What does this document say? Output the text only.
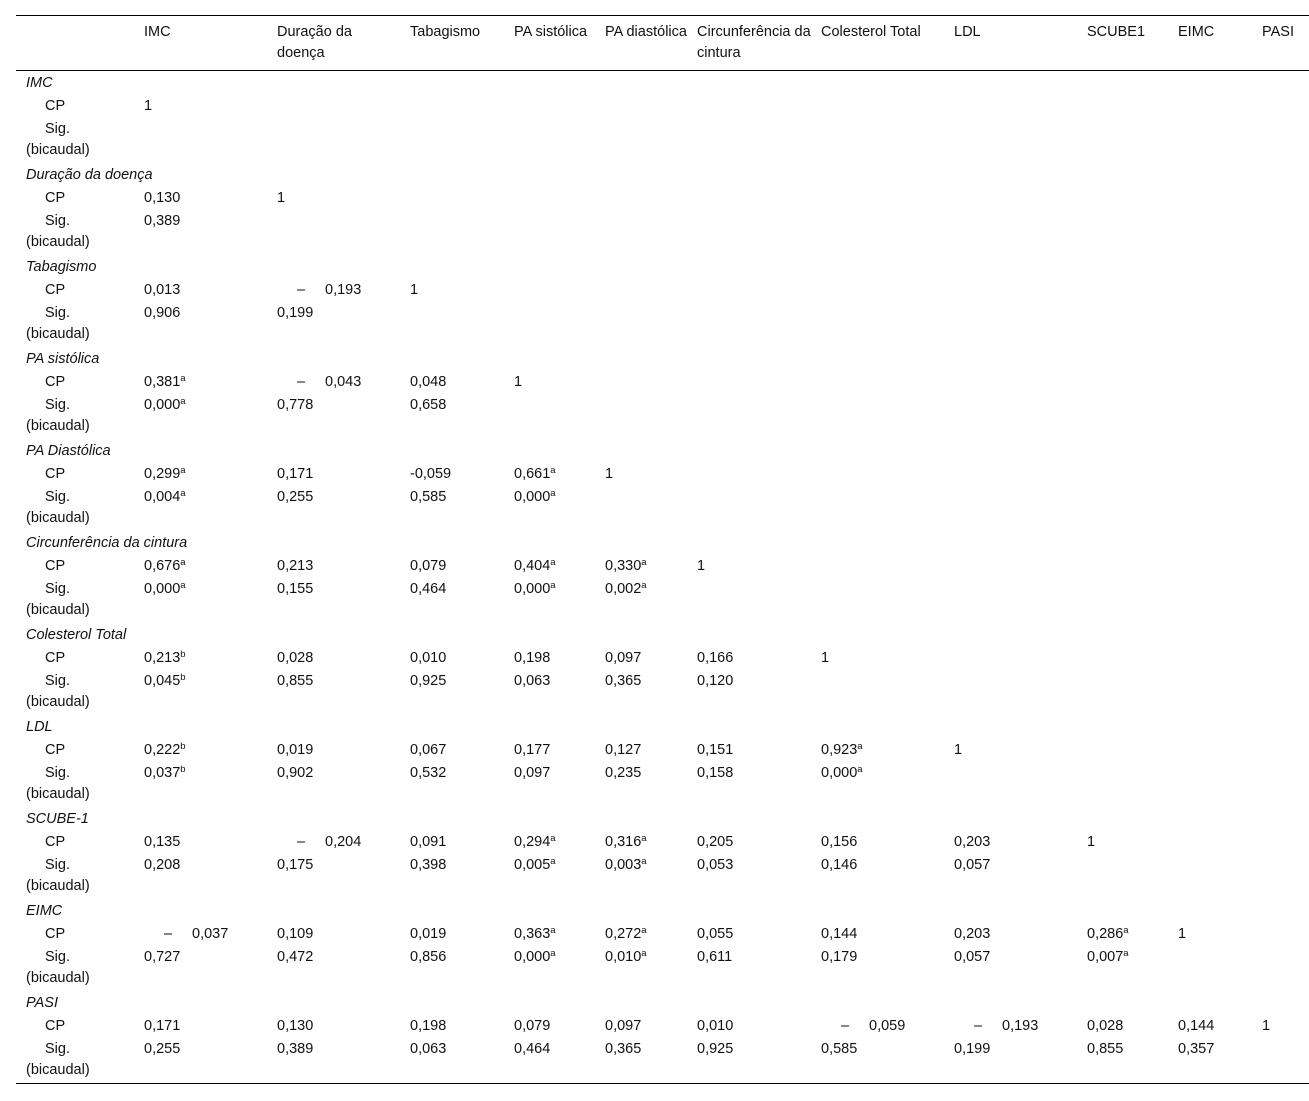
	IMC	Duração da doença	Tabagismo	PA sistólica	PA diastólica	Circunferência da cintura	Colesterol Total	LDL	SCUBE1	EIMC	PASI
IMC											
CP	1										

Sig.
(bicaudal)											

Duração da doença											
CP	0,130	1									

Sig.
(bicaudal)	0,389										
Tabagismo											
CP	0,013	– 0,193	1								

Sig.
(bicaudal)	0,906	0,199									
PA sistólica											
CP	0,381$^a$	– 0,043	0,048	1							

Sig.
(bicaudal)	0,000$^a$	0,778	0,658								
PA Diastólica											
CP	0,299$^a$	0,171	-0,059	0,661$^a$	1						

Sig.
(bicaudal)	0,004$^a$	0,255	0,585	0,000$^a$							
Circunferência da cintura											
CP	0,676$^a$	0,213	0,079	0,404$^a$	0,330$^a$	1					

Sig.
(bicaudal)	0,000$^a$	0,155	0,464	0,000$^a$	0,002$^a$						
Colesterol Total											
CP	0,213$^b$	0,028	0,010	0,198	0,097	0,166	1				

Sig.
(bicaudal)	0,045$^b$	0,855	0,925	0,063	0,365	0,120					
LDL											
CP	0,222$^b$	0,019	0,067	0,177	0,127	0,151	0,923$^a$	1			

Sig.
(bicaudal)	0,037$^b$	0,902	0,532	0,097	0,235	0,158	0,000$^a$				
SCUBE-1											
CP	0,135	– 0,204	0,091	0,294$^a$	0,316$^a$	0,205	0,156	0,203	1		

Sig.
(bicaudal)	0,208	0,175	0,398	0,005$^a$	0,003$^a$	0,053	0,146	0,057			
EIMC											
CP	– 0,037	0,109	0,019	0,363$^a$	0,272$^a$	0,055	0,144	0,203	0,286$^a$	1	

Sig.
(bicaudal)	0,727	0,472	0,856	0,000$^a$	0,010$^a$	0,611	0,179	0,057	0,007$^a$		
PASI											
CP	0,171	0,130	0,198	0,079	0,097	0,010	– 0,059	– 0,193	0,028	0,144	1

Sig.
(bicaudal)	0,255	0,389	0,063	0,464	0,365	0,925	0,585	0,199	0,855	0,357	
